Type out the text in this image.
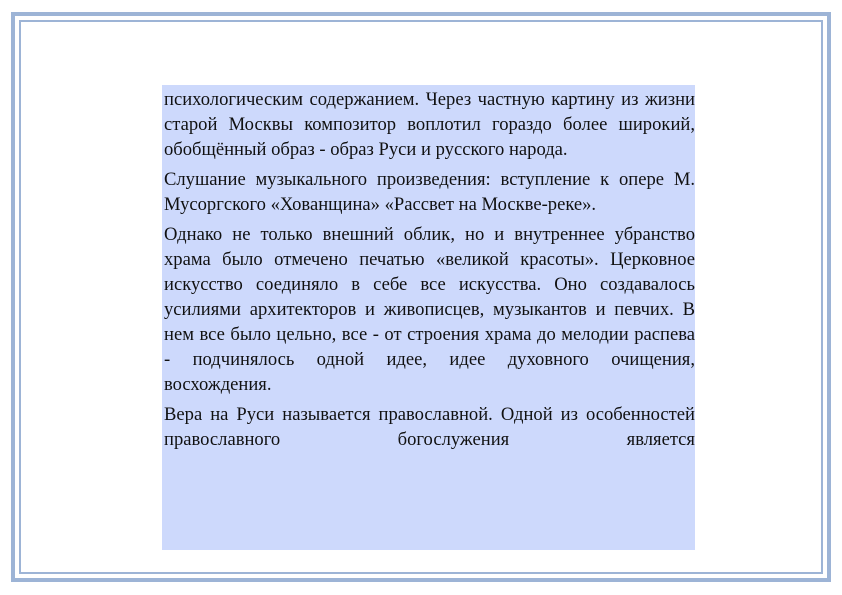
психологическим содержанием. Через частную картину из жизни старой Москвы композитор воплотил гораздо более широкий, обобщённый образ - образ Руси и русского народа.

Слушание музыкального произведения: вступление к опере М. Мусоргского «Хованщина» «Рассвет на Москве-реке».

Однако не только внешний облик, но и внутреннее убранство храма было отмечено печатью «великой красоты». Церковное искусство соединяло в себе все искусства. Оно создавалось усилиями архитекторов и живописцев, музыкантов и певчих. В нем все было цельно, все - от строения храма до мелодии распева - подчинялось одной идее, идее духовного очищения, восхождения.

Вера на Руси называется православной. Одной из особенностей православного богослужения является
